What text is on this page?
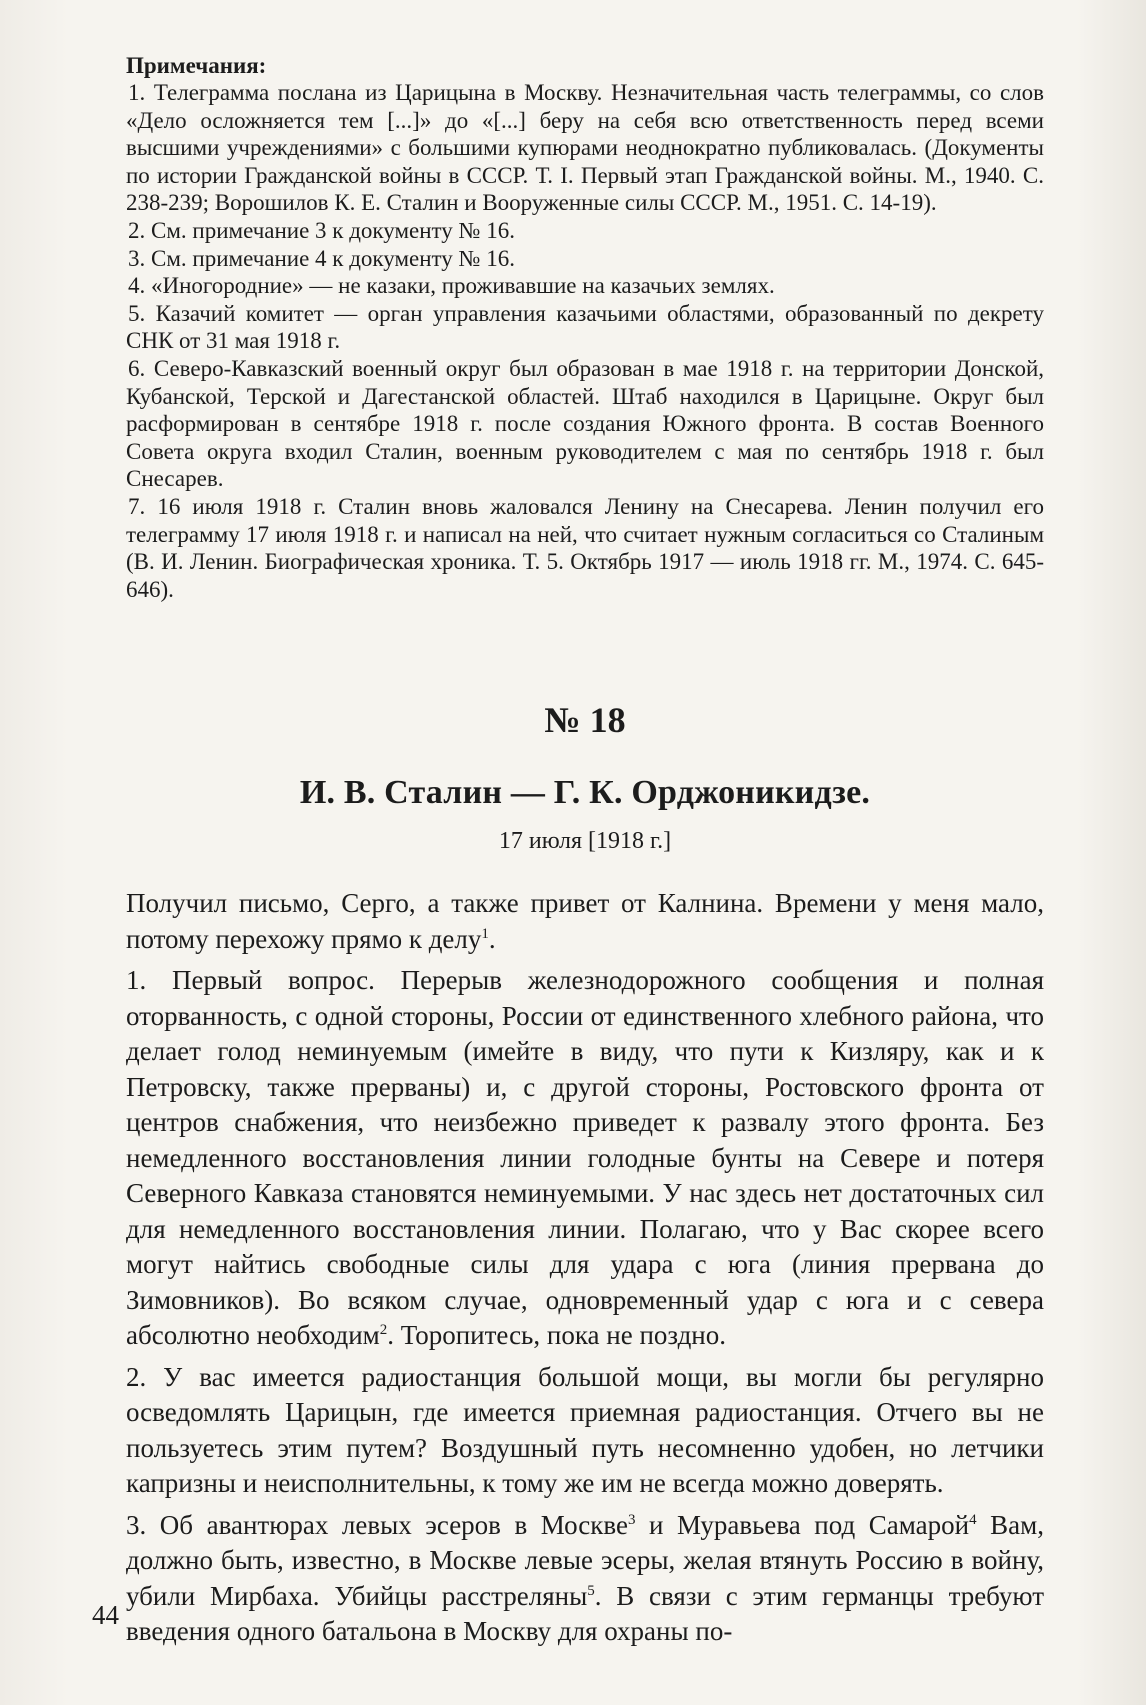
Примечания:

1. Телеграмма послана из Царицына в Москву. Незначительная часть телеграммы, со слов «Дело осложняется тем [...]» до «[...] беру на себя всю ответственность перед всеми высшими учреждениями» с большими купюрами неоднократно публиковалась. (Документы по истории Гражданской войны в СССР. Т. I. Первый этап Гражданской войны. М., 1940. С. 238-239; Ворошилов К. Е. Сталин и Вооруженные силы СССР. М., 1951. С. 14-19).

2. См. примечание 3 к документу № 16.

3. См. примечание 4 к документу № 16.

4. «Иногородние» — не казаки, проживавшие на казачьих землях.

5. Казачий комитет — орган управления казачьими областями, образованный по декрету СНК от 31 мая 1918 г.

6. Северо-Кавказский военный округ был образован в мае 1918 г. на территории Донской, Кубанской, Терской и Дагестанской областей. Штаб находился в Царицыне. Округ был расформирован в сентябре 1918 г. после создания Южного фронта. В состав Военного Совета округа входил Сталин, военным руководителем с мая по сентябрь 1918 г. был Снесарев.

7. 16 июля 1918 г. Сталин вновь жаловался Ленину на Снесарева. Ленин получил его телеграмму 17 июля 1918 г. и написал на ней, что считает нужным согласиться со Сталиным (В. И. Ленин. Биографическая хроника. Т. 5. Октябрь 1917 — июль 1918 гг. М., 1974. С. 645-646).

№ 18
И. В. Сталин — Г. К. Орджоникидзе.
17 июля [1918 г.]

Получил письмо, Серго, а также привет от Калнина. Времени у меня мало, потому перехожу прямо к делу$^1$.

1. Первый вопрос. Перерыв железнодорожного сообщения и полная оторванность, с одной стороны, России от единственного хлебного района, что делает голод неминуемым (имейте в виду, что пути к Кизляру, как и к Петровску, также прерваны) и, с другой стороны, Ростовского фронта от центров снабжения, что неизбежно приведет к развалу этого фронта. Без немедленного восстановления линии голодные бунты на Севере и потеря Северного Кавказа становятся неминуемыми. У нас здесь нет достаточных сил для немедленного восстановления линии. Полагаю, что у Вас скорее всего могут найтись свободные силы для удара с юга (линия прервана до Зимовников). Во всяком случае, одновременный удар с юга и с севера абсолютно необходим$^2$. Торопитесь, пока не поздно.

2. У вас имеется радиостанция большой мощи, вы могли бы регулярно осведомлять Царицын, где имеется приемная радиостанция. Отчего вы не пользуетесь этим путем? Воздушный путь несомненно удобен, но летчики капризны и неисполнительны, к тому же им не всегда можно доверять.

3. Об авантюрах левых эсеров в Москве$^3$ и Муравьева под Самарой$^4$ Вам, должно быть, известно, в Москве левые эсеры, желая втянуть Россию в войну, убили Мирбаха. Убийцы расстреляны$^5$. В связи с этим германцы требуют введения одного батальона в Москву для охраны по-

44
